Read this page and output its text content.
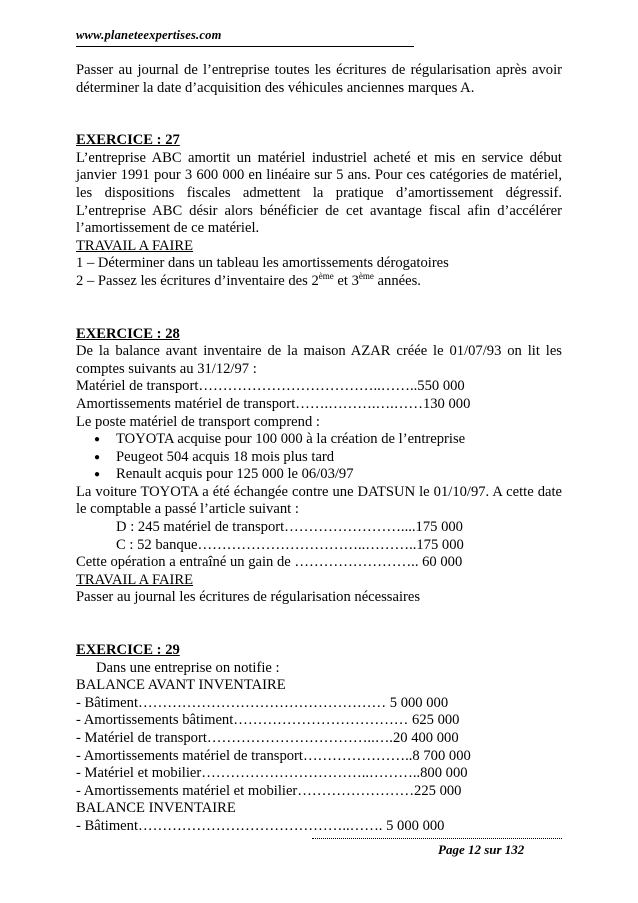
www.planeteexpertises.com

Passer au journal de l’entreprise toutes les écritures de régularisation après avoir déterminer la date d’acquisition des véhicules anciennes marques A.

EXERCICE : 27

L’entreprise ABC amortit un matériel industriel acheté et mis en service début janvier 1991 pour 3 600 000 en linéaire sur 5 ans. Pour ces catégories de matériel, les dispositions fiscales admettent la pratique d’amortissement dégressif. L’entreprise ABC désir alors bénéficier de cet avantage fiscal afin d’accélérer l’amortissement de ce matériel.

TRAVAIL A FAIRE

1 – Déterminer dans un tableau les amortissements dérogatoires

2 – Passez les écritures d’inventaire des 2ème et 3ème années.

EXERCICE : 28

De la balance avant inventaire de la maison AZAR créée le 01/07/93 on lit les comptes suivants au 31/12/97 :

Matériel de transport………………………………..……..550 000

Amortissements matériel de transport…….……….….……130 000

Le poste matériel de transport comprend :

● TOYOTA acquise pour 100 000 à la création de l’entreprise
● Peugeot 504 acquis 18 mois plus tard
● Renault acquis pour 125 000 le 06/03/97

La voiture TOYOTA a été échangée contre une DATSUN le 01/10/97. A cette date le comptable a passé l’article suivant :

D : 245 matériel de transport……………………....175 000

C : 52 banque……………………………..………..175 000

Cette opération a entraîné un gain de …………………….. 60 000

TRAVAIL A FAIRE

Passer au journal les écritures de régularisation nécessaires

EXERCICE : 29

Dans une entreprise on notifie :

BALANCE AVANT INVENTAIRE

- Bâtiment…………………………………………… 5 000 000

- Amortissements bâtiment……………………………… 625 000

- Matériel de transport……………………………..….20 400 000

- Amortissements matériel de transport…………………..8 700 000

- Matériel et mobilier……………………………..………..800 000

- Amortissements matériel et mobilier……………………225 000

BALANCE INVENTAIRE

- Bâtiment……………………………………..……. 5 000 000

Page 12 sur 132
